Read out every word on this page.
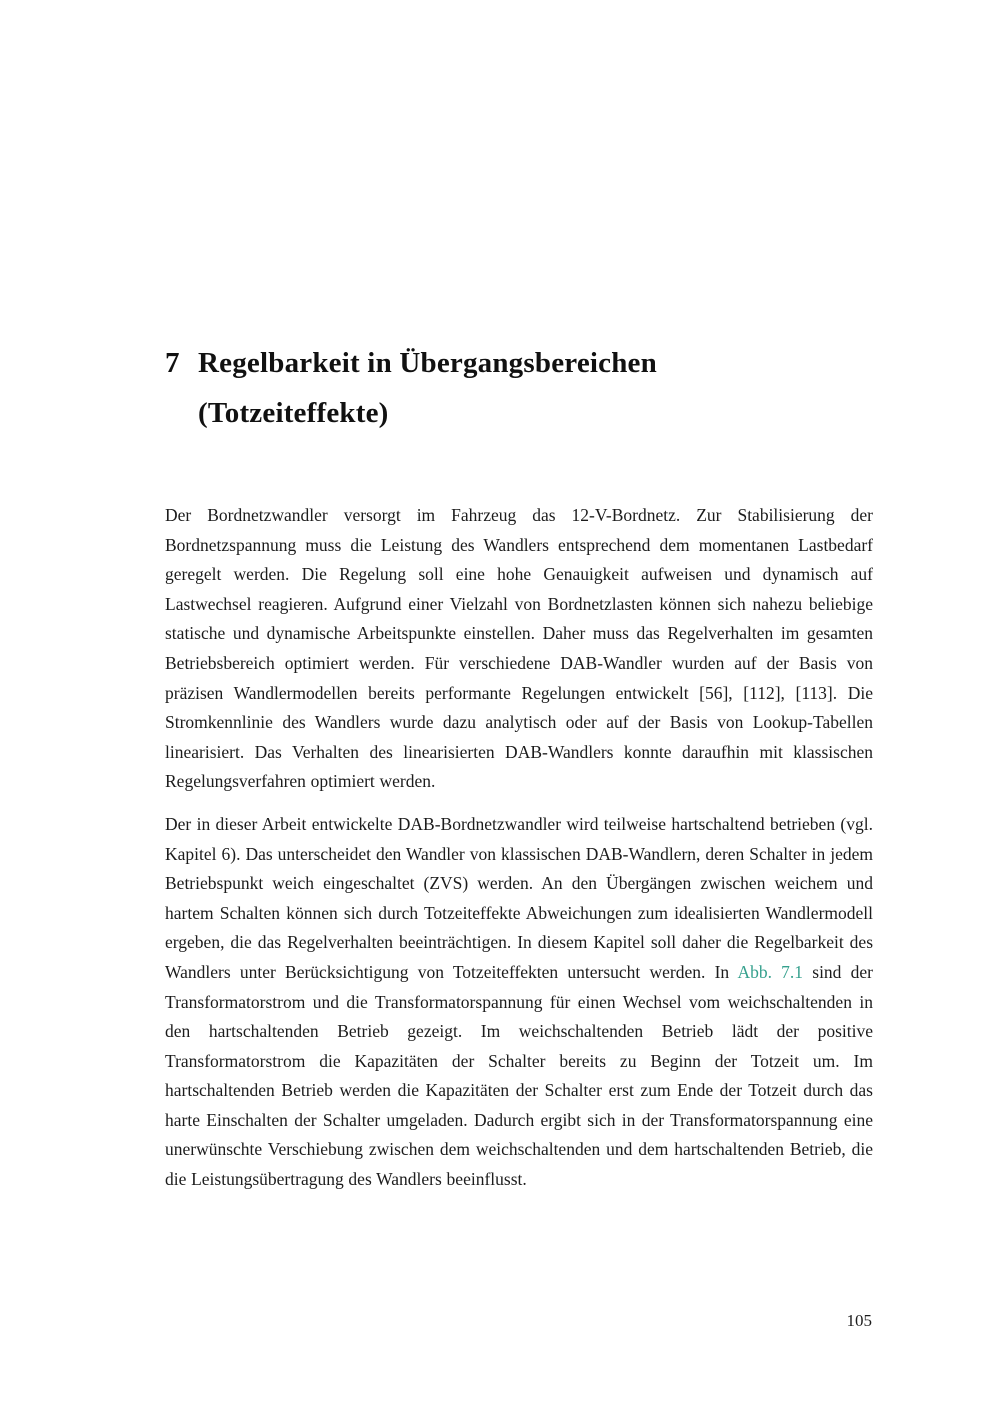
7 Regelbarkeit in Übergangsbereichen
(Totzeiteffekte)

Der Bordnetzwandler versorgt im Fahrzeug das 12-V-Bordnetz. Zur Stabilisierung der Bordnetzspannung muss die Leistung des Wandlers entsprechend dem momentanen Lastbedarf geregelt werden. Die Regelung soll eine hohe Genauigkeit aufweisen und dynamisch auf Lastwechsel reagieren. Aufgrund einer Vielzahl von Bordnetzlasten können sich nahezu beliebige statische und dynamische Arbeitspunkte einstellen. Daher muss das Regelverhalten im gesamten Betriebsbereich optimiert werden. Für verschiedene DAB-Wandler wurden auf der Basis von präzisen Wandlermodellen bereits performante Regelungen entwickelt [56], [112], [113]. Die Stromkennlinie des Wandlers wurde dazu analytisch oder auf der Basis von Lookup-Tabellen linearisiert. Das Verhalten des linearisierten DAB-Wandlers konnte daraufhin mit klassischen Regelungsverfahren optimiert werden.

Der in dieser Arbeit entwickelte DAB-Bordnetzwandler wird teilweise hartschaltend betrieben (vgl. Kapitel 6). Das unterscheidet den Wandler von klassischen DAB-Wandlern, deren Schalter in jedem Betriebspunkt weich eingeschaltet (ZVS) werden. An den Übergängen zwischen weichem und hartem Schalten können sich durch Totzeiteffekte Abweichungen zum idealisierten Wandlermodell ergeben, die das Regelverhalten beeinträchtigen. In diesem Kapitel soll daher die Regelbarkeit des Wandlers unter Berücksichtigung von Totzeiteffekten untersucht werden. In Abb. 7.1 sind der Transformatorstrom und die Transformatorspannung für einen Wechsel vom weichschaltenden in den hartschaltenden Betrieb gezeigt. Im weichschaltenden Betrieb lädt der positive Transformatorstrom die Kapazitäten der Schalter bereits zu Beginn der Totzeit um. Im hartschaltenden Betrieb werden die Kapazitäten der Schalter erst zum Ende der Totzeit durch das harte Einschalten der Schalter umgeladen. Dadurch ergibt sich in der Transformatorspannung eine unerwünschte Verschiebung zwischen dem weichschaltenden und dem hartschaltenden Betrieb, die die Leistungsübertragung des Wandlers beeinflusst.

105
